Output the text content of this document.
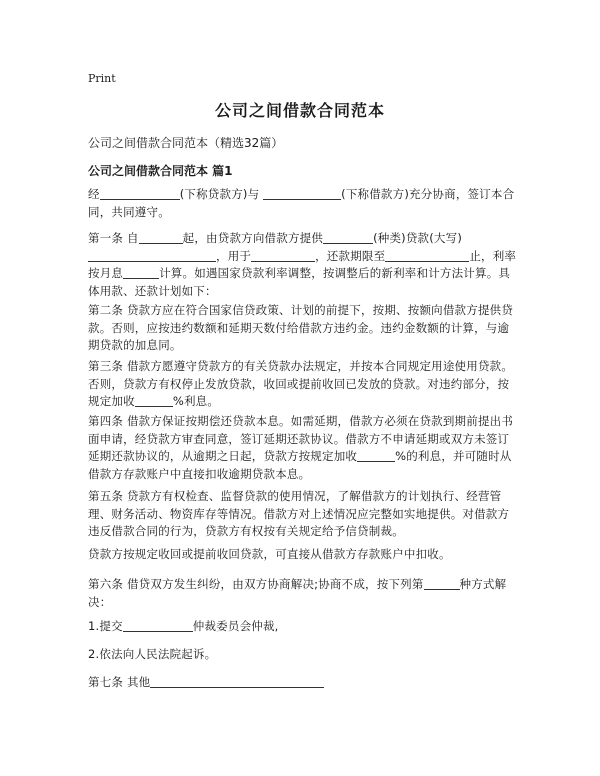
Print
公司之间借款合同范本
公司之间借款合同范本（精选32篇）
公司之间借款合同范本 篇1
经	(下称贷款方)与	(下称借款方)充分协商，签订本合同，共同遵守。
第一条 自	起，由贷款方向借款方提供	(种类)贷款(大写)，用于	，还款期限至	止，利率按月息	计算。如遇国家贷款利率调整，按调整后的新利率和计方法计算。具体用款、还款计划如下：
第二条 贷款方应在符合国家信贷政策、计划的前提下，按期、按额向借款方提供贷款。否则，应按违约数额和延期天数付给借款方违约金。违约金数额的计算，与逾期贷款的加息同。
第三条 借款方愿遵守贷款方的有关贷款办法规定，并按本合同规定用途使用贷款。否则，贷款方有权停止发放贷款，收回或提前收回已发放的贷款。对违约部分，按规定加收	%利息。
第四条 借款方保证按期偿还贷款本息。如需延期，借款方必须在贷款到期前提出书面申请，经贷款方审查同意，签订延期还款协议。借款方不申请延期或双方未签订延期还款协议的，从逾期之日起，贷款方按规定加收	%的利息，并可随时从借款方存款账户中直接扣收逾期贷款本息。
第五条 贷款方有权检查、监督贷款的使用情况，了解借款方的计划执行、经营管理、财务活动、物资库存等情况。借款方对上述情况应完整如实地提供。对借款方违反借款合同的行为，贷款方有权按有关规定给予信贷制裁。
贷款方按规定收回或提前收回贷款，可直接从借款方存款账户中扣收。
第六条 借贷双方发生纠纷，由双方协商解决;协商不成，按下列第	种方式解决：
1.提交	仲裁委员会仲裁,
2.依法向人民法院起诉。
第七条 其他
